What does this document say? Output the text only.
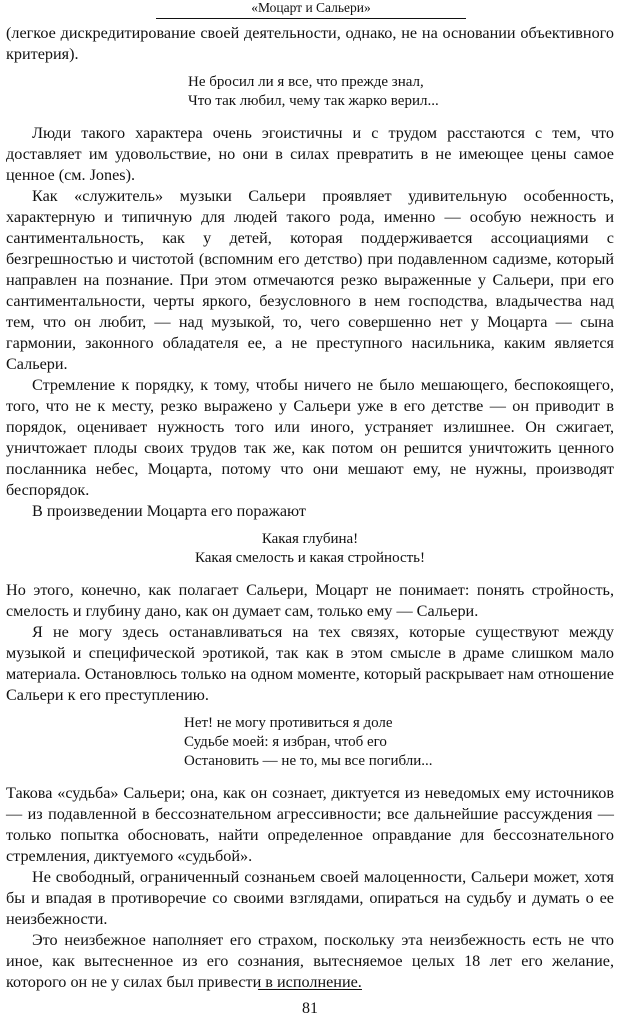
«Моцарт и Сальери»

(легкое дискредитирование своей деятельности, однако, не на основании объективного критерия).

Не бросил ли я все, что прежде знал,
Что так любил, чему так жарко верил...

Люди такого характера очень эгоистичны и с трудом расстаются с тем, что доставляет им удовольствие, но они в силах превратить в не имеющее цены самое ценное (см. Jones).

Как «служитель» музыки Сальери проявляет удивительную особенность, характерную и типичную для людей такого рода, именно — особую нежность и сантиментальность, как у детей, которая поддерживается ассоциациями с безгрешностью и чистотой (вспомним его детство) при подавленном садизме, который направлен на познание. При этом отмечаются резко выраженные у Сальери, при его сантиментальности, черты яркого, безусловного в нем господства, владычества над тем, что он любит, — над музыкой, то, чего совершенно нет у Моцарта — сына гармонии, законного обладателя ее, а не преступного насильника, каким является Сальери.

Стремление к порядку, к тому, чтобы ничего не было мешающего, беспокоящего, того, что не к месту, резко выражено у Сальери уже в его детстве — он приводит в порядок, оценивает нужность того или иного, устраняет излишнее. Он сжигает, уничтожает плоды своих трудов так же, как потом он решится уничтожить ценного посланника небес, Моцарта, потому что они мешают ему, не нужны, производят беспорядок.

В произведении Моцарта его поражают

Какая глубина!
Какая смелость и какая стройность!

Но этого, конечно, как полагает Сальери, Моцарт не понимает: понять стройность, смелость и глубину дано, как он думает сам, только ему — Сальери.

Я не могу здесь останавливаться на тех связях, которые существуют между музыкой и специфической эротикой, так как в этом смысле в драме слишком мало материала. Остановлюсь только на одном моменте, который раскрывает нам отношение Сальери к его преступлению.

Нет! не могу противиться я доле
Судьбе моей: я избран, чтоб его
Остановить — не то, мы все погибли...

Такова «судьба» Сальери; она, как он сознает, диктуется из неведомых ему источников — из подавленной в бессознательном агрессивности; все дальнейшие рассуждения — только попытка обосновать, найти определенное оправдание для бессознательного стремления, диктуемого «судьбой».

Не свободный, ограниченный сознаньем своей малоценности, Сальери может, хотя бы и впадая в противоречие со своими взглядами, опираться на судьбу и думать о ее неизбежности.

Это неизбежное наполняет его страхом, поскольку эта неизбежность есть не что иное, как вытесненное из его сознания, вытесняемое целых 18 лет его желание, которого он не у силах был привести в исполнение.

81
